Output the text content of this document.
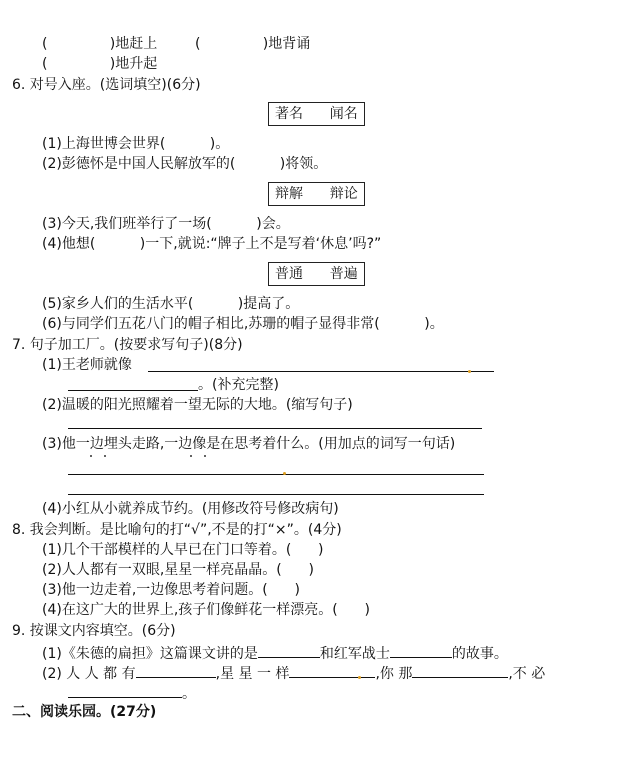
(              )地赶上	(              )地背诵
(              )地升起
6. 对号入座。(选词填空)(6分)
著名      闻名
(1)上海世博会世界(          )。
(2)彭德怀是中国人民解放军的(          )将领。
辩解      辩论
(3)今天,我们班举行了一场(          )会。
(4)他想(          )一下,就说:“牌子上不是写着‘休息’吗?”
普通      普遍
(5)家乡人们的生活水平(          )提高了。
(6)与同学们五花八门的帽子相比,苏珊的帽子显得非常(          )。
7. 句子加工厂。(按要求写句子)(8分)
(1)王老师就像
。(补充完整)
(2)温暖的阳光照耀着一望无际的大地。(缩写句子)
(3)他一边埋头走路,一边像是在思考着什么。(用加点的词写一句话)
(4)小红从小就养成节约。(用修改符号修改病句)
8. 我会判断。是比喻句的打“√”,不是的打“×”。(4分)
(1)几个干部模样的人早已在门口等着。(      )
(2)人人都有一双眼,星星一样亮晶晶。(      )
(3)他一边走着,一边像思考着问题。(      )
(4)在这广大的世界上,孩子们像鲜花一样漂亮。(      )
9. 按课文内容填空。(6分)
(1)《朱德的扁担》这篇课文讲的是	和红军战士	的故事。
(2) 人 人 都 有	,星 星 一 样	,你 那	,不 必
。
二、阅读乐园。(27分)
